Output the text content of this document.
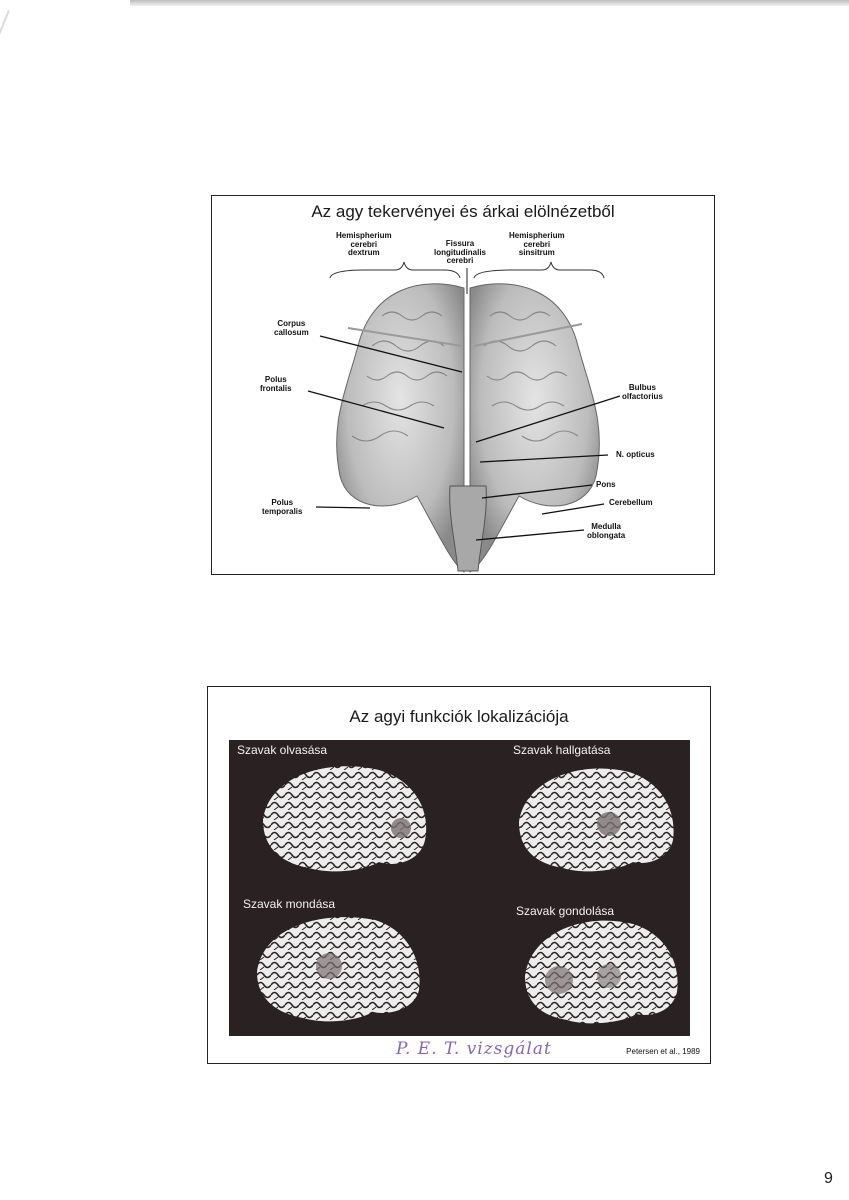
Az agy tekervényei és árkai elölnézetből
Hemispherium
cerebri
dextrum
Fissura
longitudinalis
cerebri
Hemispherium
cerebri
sinsitrum
Corpus
callosum
Polus
frontalis	Bulbus
olfactorius
N. opticus
Pons
Cerebellum
Polus
temporalis
Medulla
oblongata
Az agyi funkciók lokalizációja
Szavak olvasása	Szavak hallgatása
Szavak mondása	Szavak gondolása
P. E. T. vizsgálat	Petersen et al., 1989
9
